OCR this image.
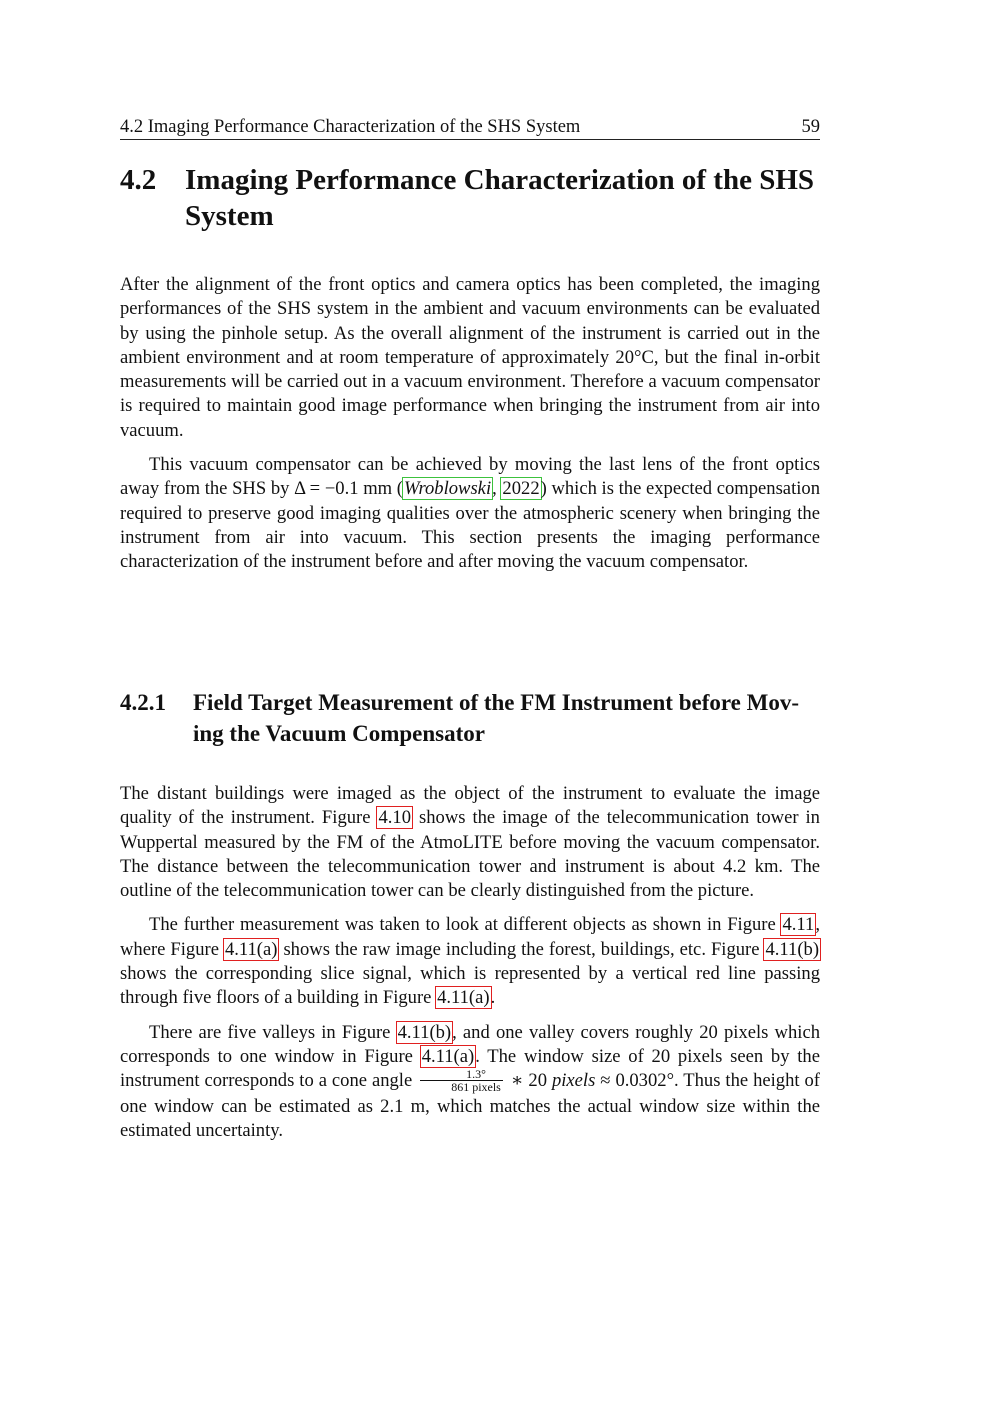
4.2 Imaging Performance Characterization of the SHS System	59
4.2 Imaging Performance Characterization of the SHS System

After the alignment of the front optics and camera optics has been completed, the imaging performances of the SHS system in the ambient and vacuum environments can be evaluated by using the pinhole setup. As the overall alignment of the instrument is carried out in the ambient environment and at room temperature of approximately 20°C, but the final in-orbit measurements will be carried out in a vacuum environment. Therefore a vacuum compensator is required to maintain good image performance when bringing the instrument from air into vacuum.

This vacuum compensator can be achieved by moving the last lens of the front optics away from the SHS by Δ = −0.1 mm (Wroblowski, 2022) which is the expected compensation required to preserve good imaging qualities over the atmospheric scenery when bringing the instrument from air into vacuum. This section presents the imaging performance characterization of the instrument before and after moving the vacuum compensator.

4.2.1	Field Target Measurement of the FM Instrument before Moving the Vacuum Compensator

The distant buildings were imaged as the object of the instrument to evaluate the image quality of the instrument. Figure 4.10 shows the image of the telecommunication tower in Wuppertal measured by the FM of the AtmoLITE before moving the vacuum compensator. The distance between the telecommunication tower and instrument is about 4.2 km. The outline of the telecommunication tower can be clearly distinguished from the picture.

The further measurement was taken to look at different objects as shown in Figure 4.11, where Figure 4.11(a) shows the raw image including the forest, buildings, etc. Figure 4.11(b) shows the corresponding slice signal, which is represented by a vertical red line passing through five floors of a building in Figure 4.11(a).

There are five valleys in Figure 4.11(b), and one valley covers roughly 20 pixels which corresponds to one window in Figure 4.11(a). The window size of 20 pixels seen by the instrument corresponds to a cone angle $\frac{1.3^\circ}{\text{861 pixels}}$ ∗ 20 pixels ≈ 0.0302°. Thus the height of one window can be estimated as 2.1 m, which matches the actual window size within the estimated uncertainty.
